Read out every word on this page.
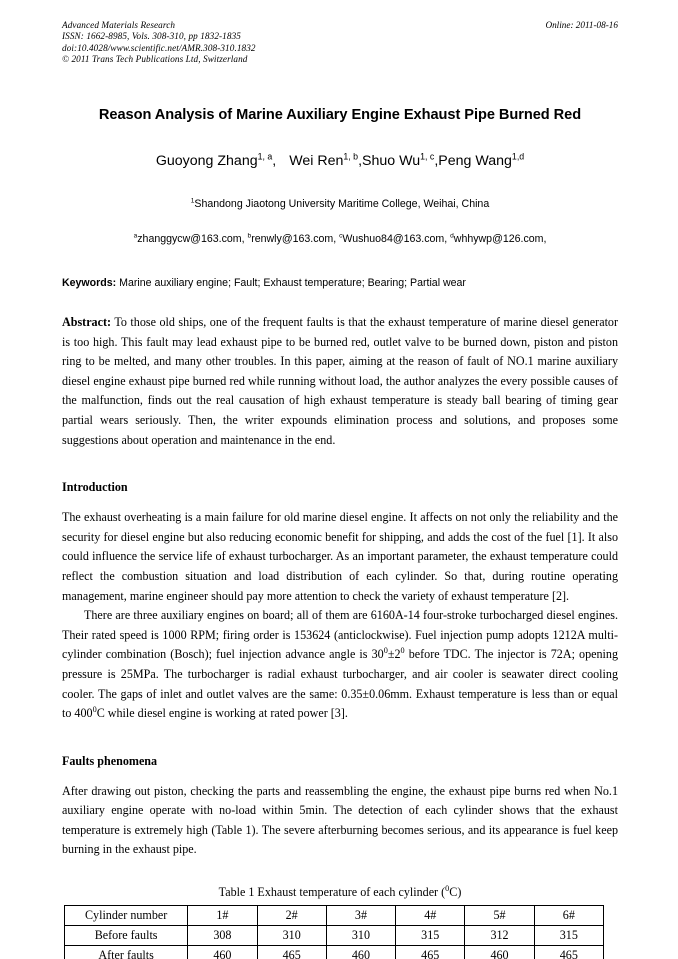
Advanced Materials Research
ISSN: 1662-8985, Vols. 308-310, pp 1832-1835
doi:10.4028/www.scientific.net/AMR.308-310.1832
© 2011 Trans Tech Publications Ltd, Switzerland
Online: 2011-08-16
Reason Analysis of Marine Auxiliary Engine Exhaust Pipe Burned Red
Guoyong Zhang$^{1, a}$, Wei Ren$^{1, b}$,Shuo Wu$^{1, c}$,Peng Wang$^{1,d}$
$^1$Shandong Jiaotong University Maritime College, Weihai, China
$^a$zhanggycw@163.com, $^b$renwly@163.com, $^c$Wushuo84@163.com, $^d$whhywp@126.com,
Keywords: Marine auxiliary engine; Fault; Exhaust temperature; Bearing; Partial wear
Abstract: To those old ships, one of the frequent faults is that the exhaust temperature of marine diesel generator is too high. This fault may lead exhaust pipe to be burned red, outlet valve to be burned down, piston and piston ring to be melted, and many other troubles. In this paper, aiming at the reason of fault of NO.1 marine auxiliary diesel engine exhaust pipe burned red while running without load, the author analyzes the every possible causes of the malfunction, finds out the real causation of high exhaust temperature is steady ball bearing of timing gear partial wears seriously. Then, the writer expounds elimination process and solutions, and proposes some suggestions about operation and maintenance in the end.
Introduction
The exhaust overheating is a main failure for old marine diesel engine. It affects on not only the reliability and the security for diesel engine but also reducing economic benefit for shipping, and adds the cost of the fuel [1]. It also could influence the service life of exhaust turbocharger. As an important parameter, the exhaust temperature could reflect the combustion situation and load distribution of each cylinder. So that, during routine operating management, marine engineer should pay more attention to check the variety of exhaust temperature [2].
There are three auxiliary engines on board; all of them are 6160A-14 four-stroke turbocharged diesel engines. Their rated speed is 1000 RPM; firing order is 153624 (anticlockwise). Fuel injection pump adopts 1212A multi-cylinder combination (Bosch); fuel injection advance angle is $30^0\pm 2^0$ before TDC. The injector is 72A; opening pressure is 25MPa. The turbocharger is radial exhaust turbocharger, and air cooler is seawater direct cooling cooler. The gaps of inlet and outlet valves are the same: 0.35±0.06mm. Exhaust temperature is less than or equal to $400^0C$ while diesel engine is working at rated power [3].
Faults phenomena
After drawing out piston, checking the parts and reassembling the engine, the exhaust pipe burns red when No.1 auxiliary engine operate with no-load within 5min. The detection of each cylinder shows that the exhaust temperature is extremely high (Table 1). The severe afterburning becomes serious, and its appearance is fuel keep burning in the exhaust pipe.
Table 1 Exhaust temperature of each cylinder ($^0$C)
Cylinder number	1#	2#	3#	4#	5#	6#
Before faults	308	310	310	315	312	315
After faults	460	465	460	465	460	465
